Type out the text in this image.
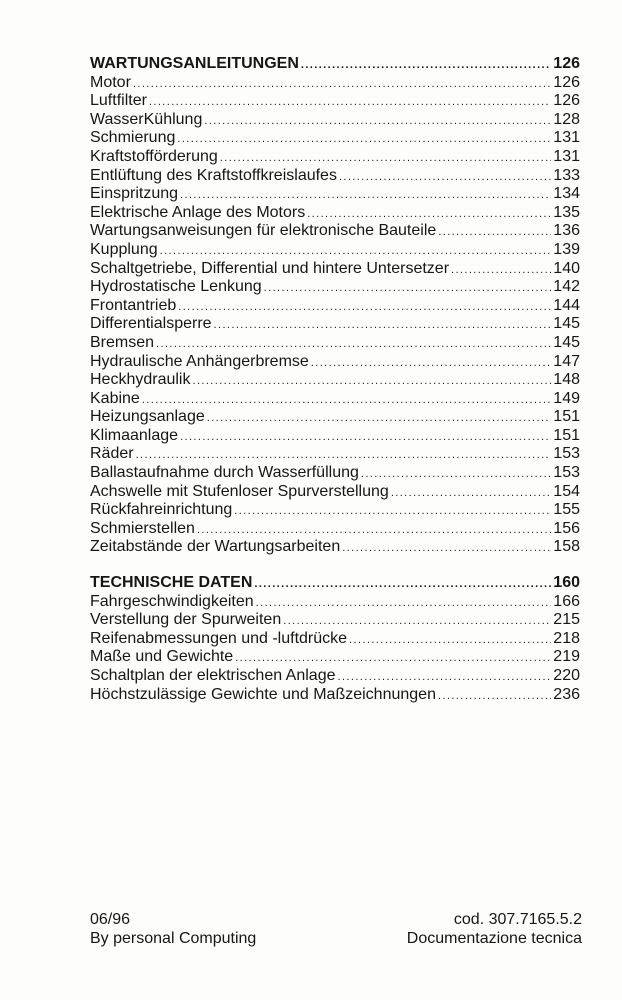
WARTUNGSANLEITUNGEN .....	126
Motor .....	126
Luftfilter .....	126
WasserKühlung .....	128
Schmierung .....	131
Kraftstofförderung .....	131
Entlüftung des Kraftstoffkreislaufes .....	133
Einspritzung .....	134
Elektrische Anlage des Motors .....	135
Wartungsanweisungen für elektronische Bauteile .....	136
Kupplung .....	139
Schaltgetriebe, Differential und hintere Untersetzer .....	140
Hydrostatische Lenkung .....	142
Frontantrieb .....	144
Differentialsperre .....	145
Bremsen .....	145
Hydraulische Anhängerbremse .....	147
Heckhydraulik .....	148
Kabine .....	149
Heizungsanlage .....	151
Klimaanlage .....	151
Räder .....	153
Ballastaufnahme durch Wasserfüllung .....	153
Achswelle mit Stufenloser Spurverstellung .....	154
Rückfahreinrichtung .....	155
Schmierstellen .....	156
Zeitabstände der Wartungsarbeiten .....	158
TECHNISCHE DATEN .....	160
Fahrgeschwindigkeiten .....	166
Verstellung der Spurweiten .....	215
Reifenabmessungen und -luftdrücke .....	218
Maße und Gewichte .....	219
Schaltplan der elektrischen Anlage .....	220
Höchstzulässige Gewichte und Maßzeichnungen .....	236
06/96
By personal Computing
cod. 307.7165.5.2
Documentazione tecnica
